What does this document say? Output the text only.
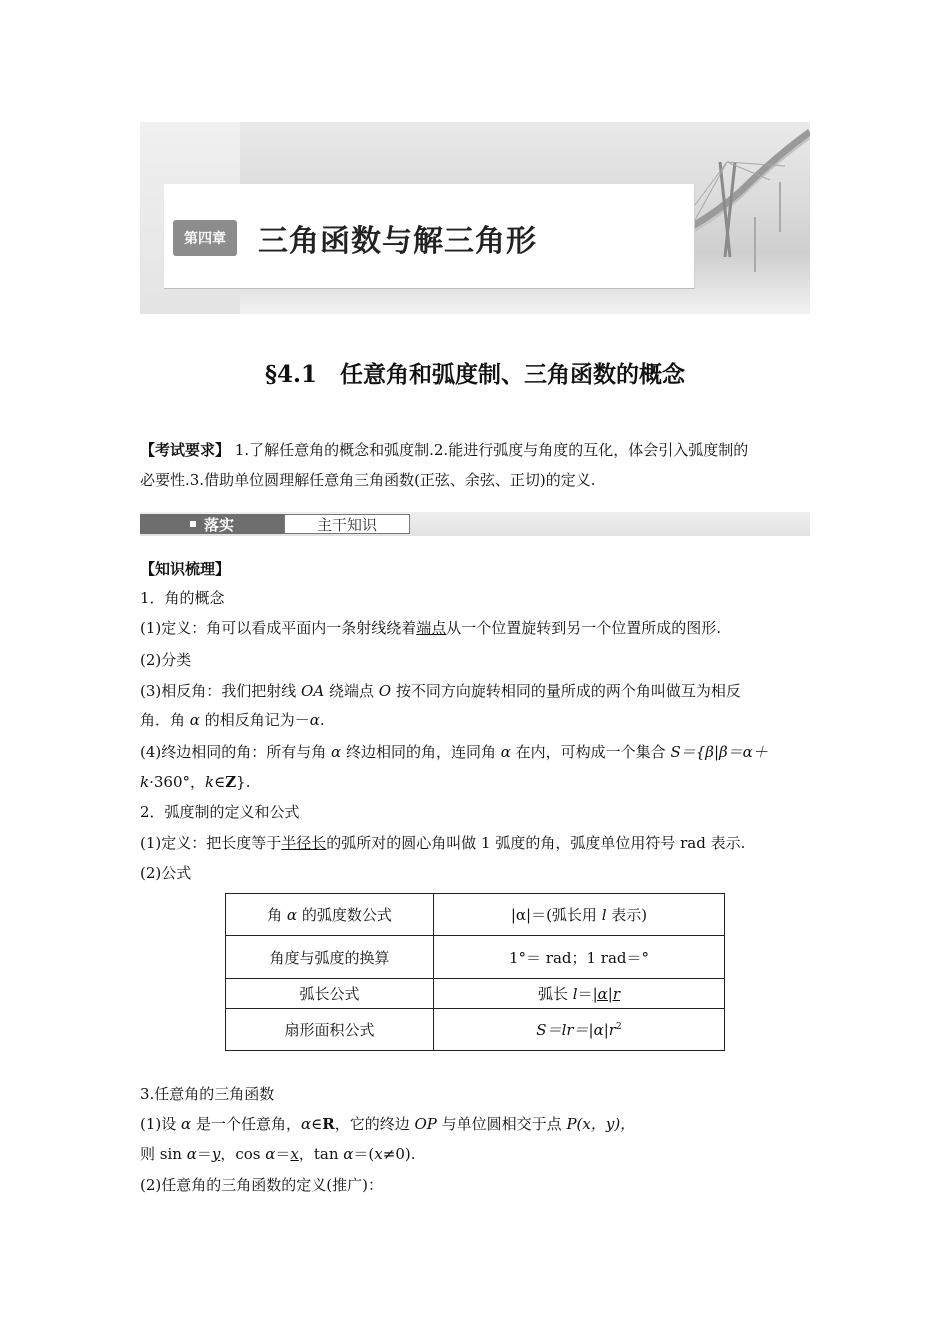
第四章	三角函数与解三角形
§4.1　任意角和弧度制、三角函数的概念

【考试要求】 1.了解任意角的概念和弧度制.2.能进行弧度与角度的互化，体会引入弧度制的

必要性.3.借助单位圆理解任意角三角函数(正弦、余弦、正切)的定义.

落实	主干知识

【知识梳理】

1．角的概念

(1)定义：角可以看成平面内一条射线绕着端点从一个位置旋转到另一个位置所成的图形.

(2)分类

(3)相反角：我们把射线 OA 绕端点 O 按不同方向旋转相同的量所成的两个角叫做互为相反

角．角 α 的相反角记为－α.

(4)终边相同的角：所有与角 α 终边相同的角，连同角 α 在内，可构成一个集合 S＝{β|β＝α＋

k·360°，k∈Z}.

2．弧度制的定义和公式

(1)定义：把长度等于半径长的弧所对的圆心角叫做 1 弧度的角，弧度单位用符号 rad 表示.

(2)公式

角 α 的弧度数公式	|α|＝(弧长用 l 表示)
角度与弧度的换算	1°＝ rad；1 rad＝°
弧长公式	弧长 l＝|α|r
扇形面积公式	$S=lr=|\alpha|r^2$

3.任意角的三角函数

(1)设 α 是一个任意角，α∈R，它的终边 OP 与单位圆相交于点 P(x，y)，

则 sin α＝y，cos α＝x，tan α＝(x≠0).

(2)任意角的三角函数的定义(推广)：
